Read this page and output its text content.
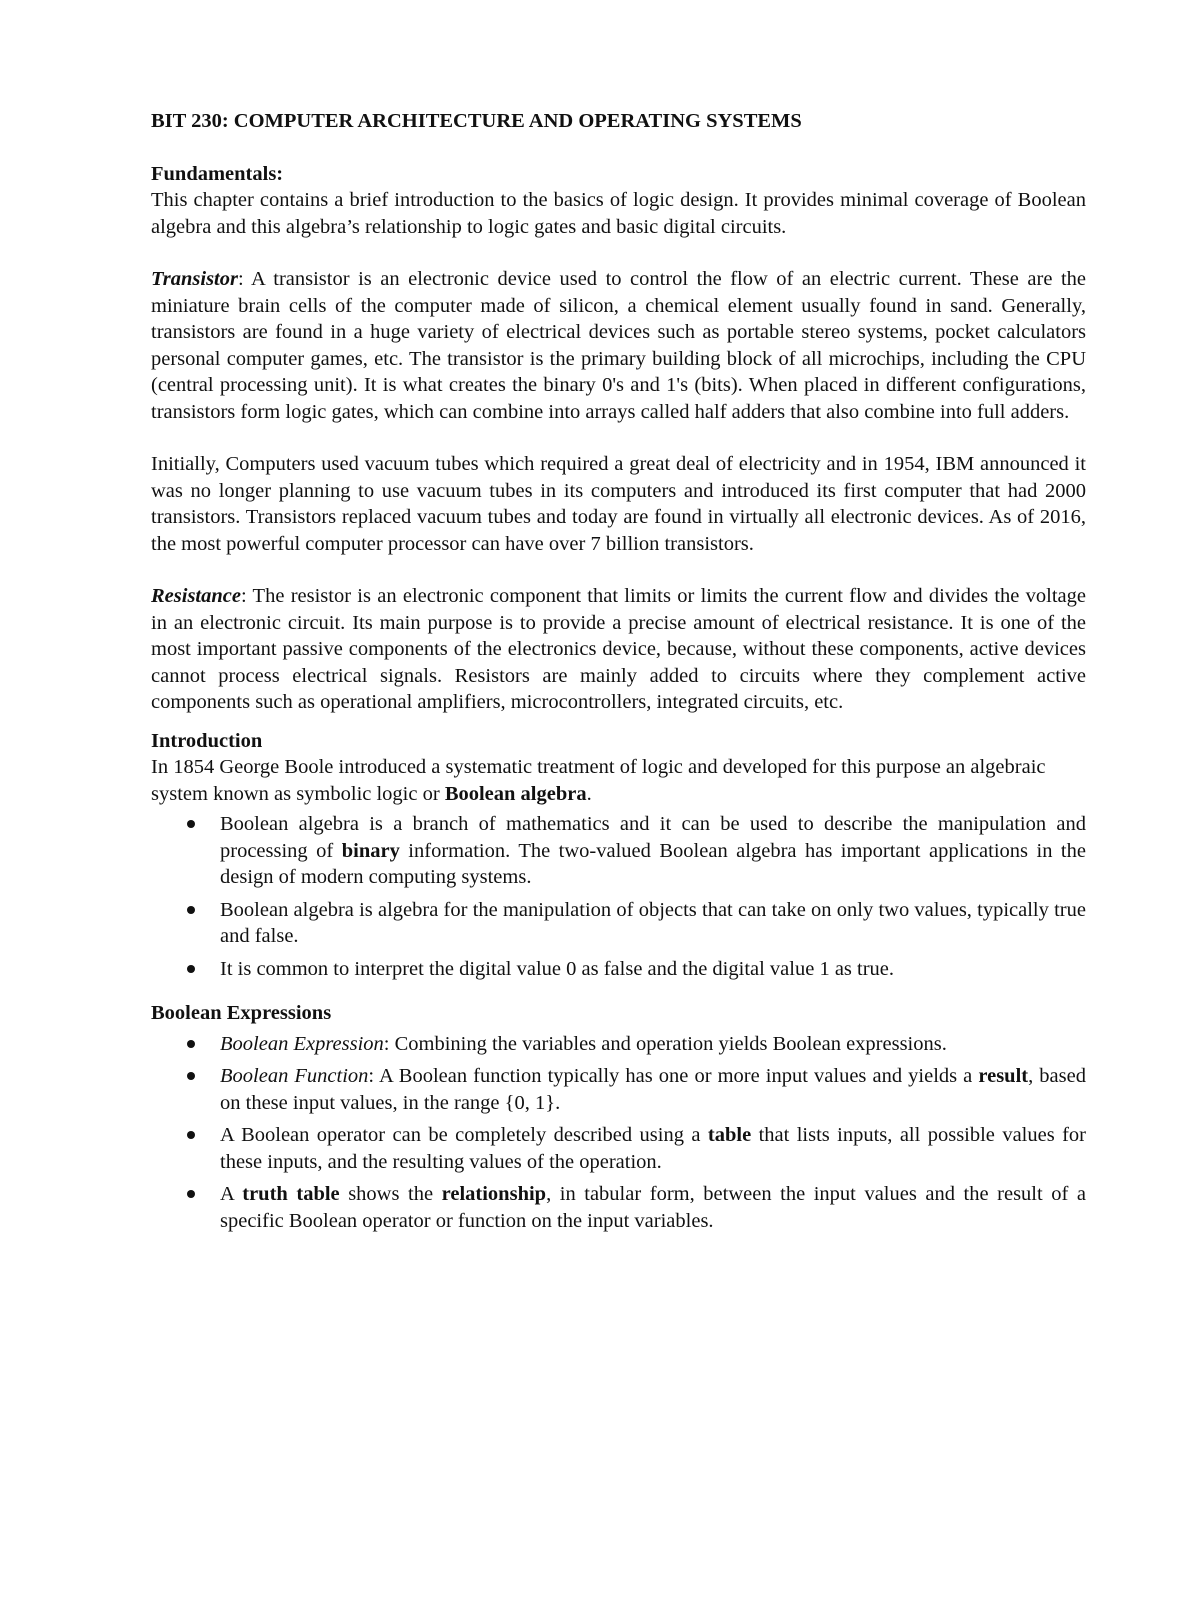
BIT 230: COMPUTER ARCHITECTURE AND OPERATING SYSTEMS
Fundamentals:

This chapter contains a brief introduction to the basics of logic design. It provides minimal coverage of Boolean algebra and this algebra’s relationship to logic gates and basic digital circuits.

Transistor: A transistor is an electronic device used to control the flow of an electric current. These are the miniature brain cells of the computer made of silicon, a chemical element usually found in sand. Generally, transistors are found in a huge variety of electrical devices such as portable stereo systems, pocket calculators personal computer games, etc. The transistor is the primary building block of all microchips, including the CPU (central processing unit). It is what creates the binary 0's and 1's (bits). When placed in different configurations, transistors form logic gates, which can combine into arrays called half adders that also combine into full adders.

Initially, Computers used vacuum tubes which required a great deal of electricity and in 1954, IBM announced it was no longer planning to use vacuum tubes in its computers and introduced its first computer that had 2000 transistors. Transistors replaced vacuum tubes and today are found in virtually all electronic devices. As of 2016, the most powerful computer processor can have over 7 billion transistors.

Resistance: The resistor is an electronic component that limits or limits the current flow and divides the voltage in an electronic circuit. Its main purpose is to provide a precise amount of electrical resistance. It is one of the most important passive components of the electronics device, because, without these components, active devices cannot process electrical signals. Resistors are mainly added to circuits where they complement active components such as operational amplifiers, microcontrollers, integrated circuits, etc.

Introduction

In 1854 George Boole introduced a systematic treatment of logic and developed for this purpose an algebraic system known as symbolic logic or Boolean algebra.

Boolean algebra is a branch of mathematics and it can be used to describe the manipulation and processing of binary information. The two-valued Boolean algebra has important applications in the design of modern computing systems.
Boolean algebra is algebra for the manipulation of objects that can take on only two values, typically true and false.
It is common to interpret the digital value 0 as false and the digital value 1 as true.
Boolean Expressions
Boolean Expression: Combining the variables and operation yields Boolean expressions.
Boolean Function: A Boolean function typically has one or more input values and yields a result, based on these input values, in the range {0, 1}.
A Boolean operator can be completely described using a table that lists inputs, all possible values for these inputs, and the resulting values of the operation.
A truth table shows the relationship, in tabular form, between the input values and the result of a specific Boolean operator or function on the input variables.
